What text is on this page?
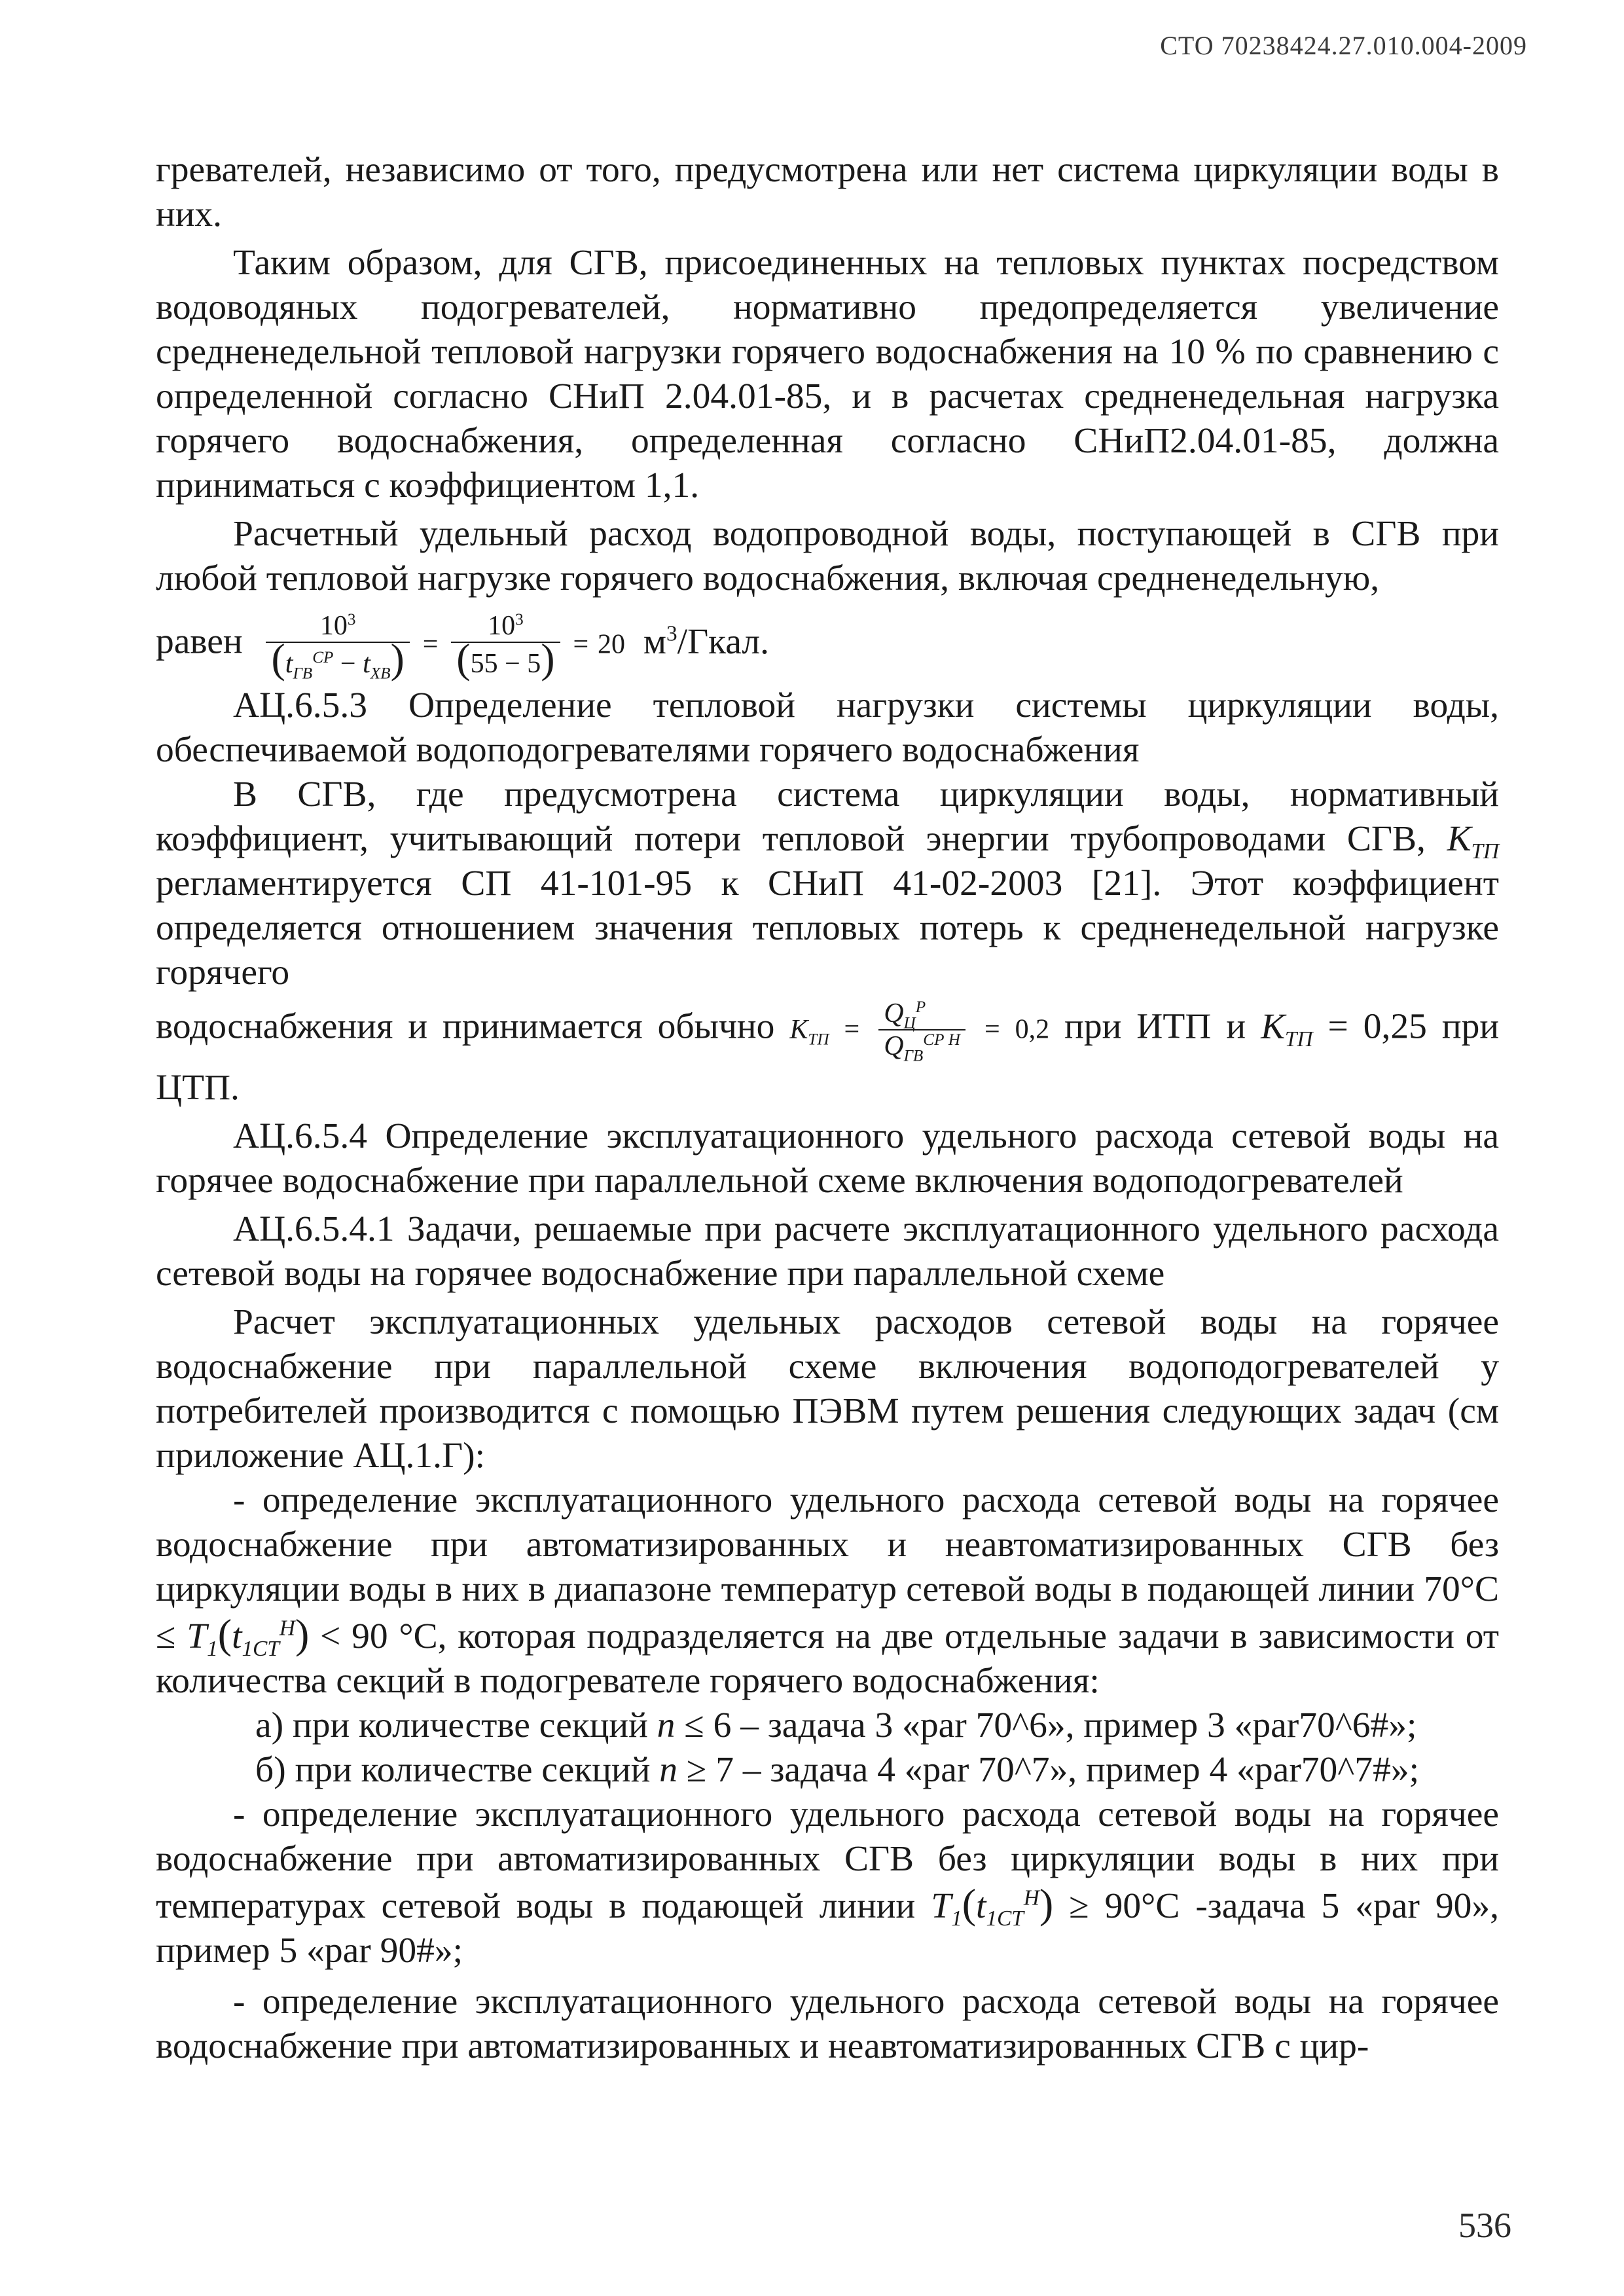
СТО 70238424.27.010.004-2009

гревателей, независимо от того, предусмотрена или нет система циркуляции воды в них.

Таким образом, для СГВ, присоединенных на тепловых пунктах посредством водоводяных подогревателей, нормативно предопределяется увеличение средненедельной тепловой нагрузки горячего водоснабжения на 10 % по сравнению с определенной согласно СНиП 2.04.01-85, и в расчетах средненедельная нагрузка горячего водоснабжения, определенная согласно СНиП2.04.01-85, должна приниматься с коэффициентом 1,1.

Расчетный удельный расход водопроводной воды, поступающей в СГВ при любой тепловой нагрузке горячего водоснабжения, включая средненедельную,

равен $\frac{10^3}{(t_{ГВ}^{СР} - t_{ХВ})} = \frac{10^3}{(55 - 5)} = 20$ $м^3$/Гкал.

АЦ.6.5.3 Определение тепловой нагрузки системы циркуляции воды, обеспечиваемой водоподогревателями горячего водоснабжения

В СГВ, где предусмотрена система циркуляции воды, нормативный коэффициент, учитывающий потери тепловой энергии трубопроводами СГВ, $К_{ТП}$ регламентируется СП 41-101-95 к СНиП 41-02-2003 [21]. Этот коэффициент определяется отношением значения тепловых потерь к средненедельной нагрузке горячего

водоснабжения и принимается обычно $K_{ТП} = \frac{Q_Ц^Р}{Q_{ГВ}^{СР Н}} = 0,2$ при ИТП и $К_{ТП} = 0,25$ при

ЦТП.

АЦ.6.5.4 Определение эксплуатационного удельного расхода сетевой воды на горячее водоснабжение при параллельной схеме включения водоподогревателей

АЦ.6.5.4.1 Задачи, решаемые при расчете эксплуатационного удельного расхода сетевой воды на горячее водоснабжение при параллельной схеме

Расчет эксплуатационных удельных расходов сетевой воды на горячее водоснабжение при параллельной схеме включения водоподогревателей у потребителей производится с помощью ПЭВМ путем решения следующих задач (см приложение АЦ.1.Г):

- определение эксплуатационного удельного расхода сетевой воды на горячее водоснабжение при автоматизированных и неавтоматизированных СГВ без циркуляции воды в них в диапазоне температур сетевой воды в подающей линии $70^\circ С \le T_1(t_{1СТ}^Н) < 90$ °С, которая подразделяется на две отдельные задачи в зависимости от количества секций в подогревателе горячего водоснабжения:

а) при количестве секций n ≤ 6 – задача 3 «par 70^6», пример 3 «par70^6#»;

б) при количестве секций n ≥ 7 – задача 4 «par 70^7», пример 4 «par70^7#»;

- определение эксплуатационного удельного расхода сетевой воды на горячее водоснабжение при автоматизированных СГВ без циркуляции воды в них при температурах сетевой воды в подающей линии $T_1(t_{1СТ}^Н) \ge 90^\circ С$ -задача 5 «par 90», пример 5 «par 90#»;

- определение эксплуатационного удельного расхода сетевой воды на горячее водоснабжение при автоматизированных и неавтоматизированных СГВ с цир-

536
